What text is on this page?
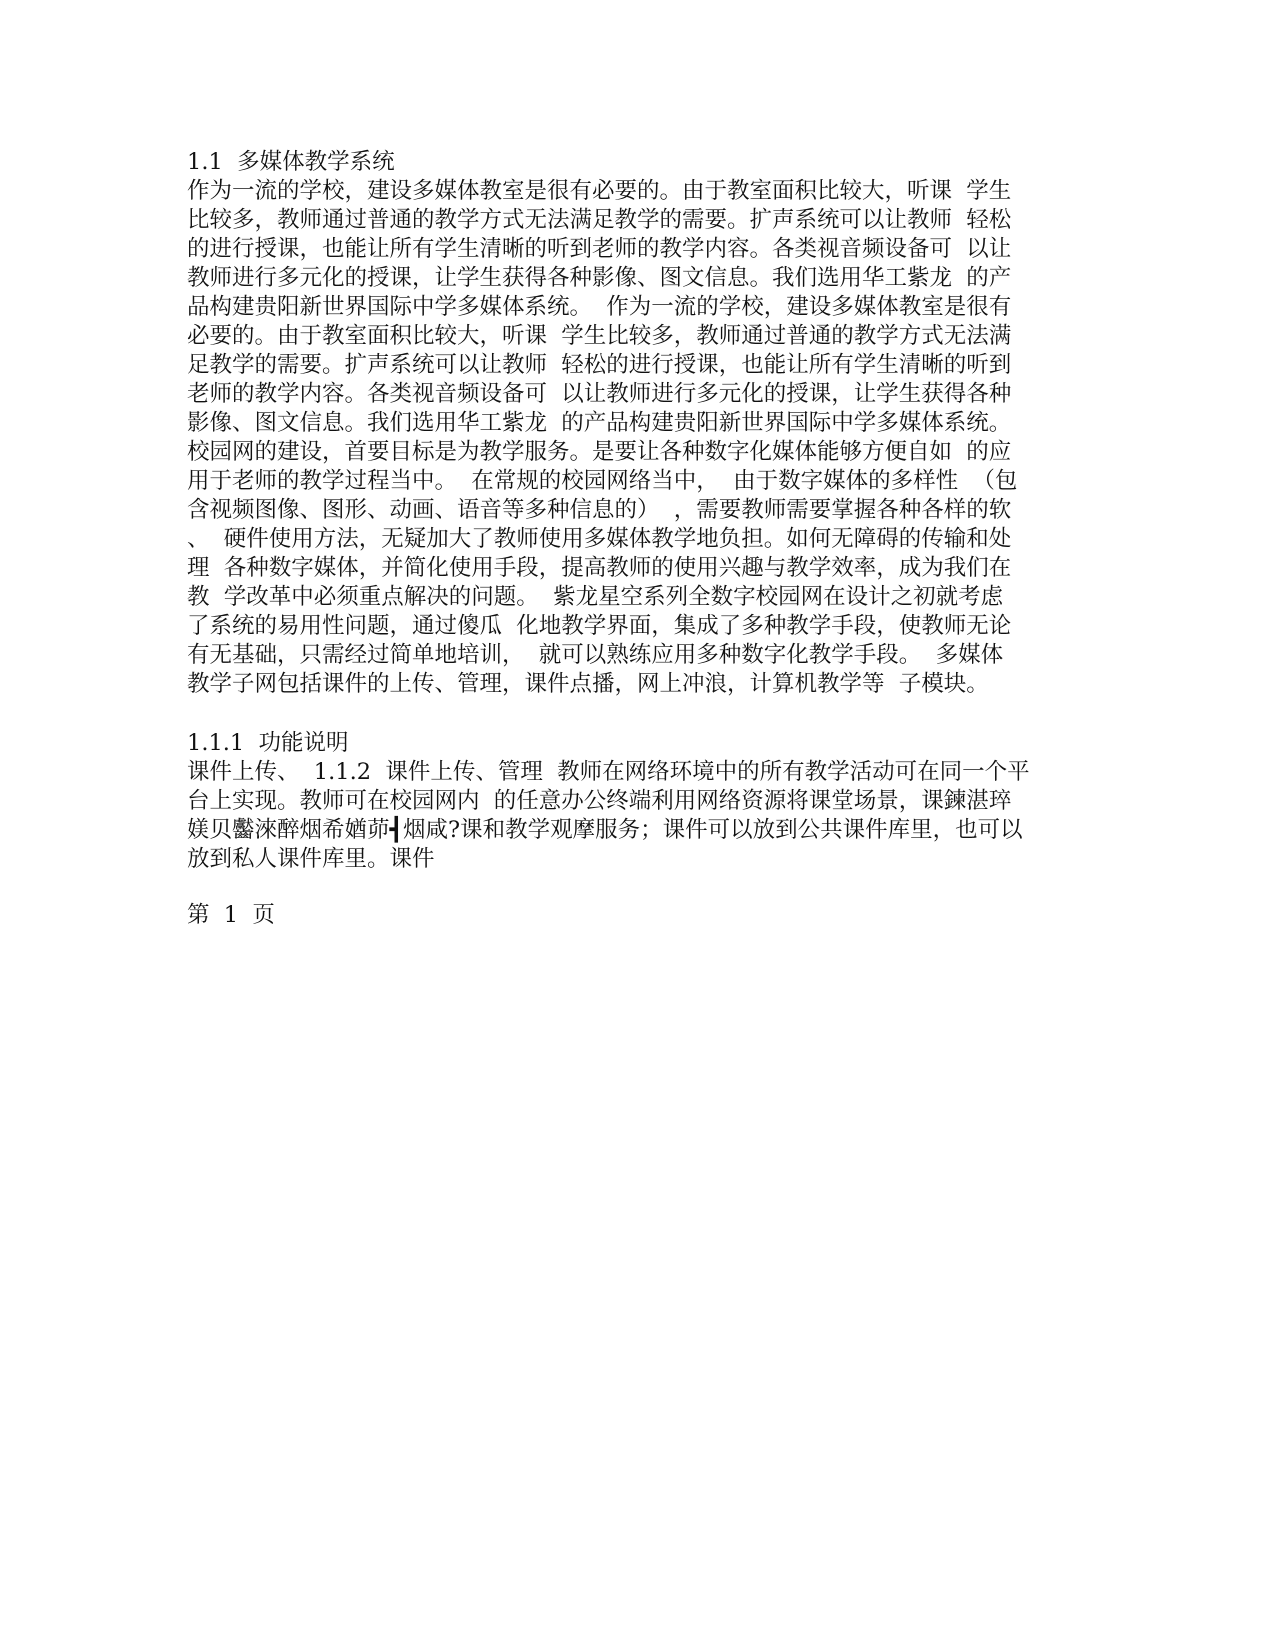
1.1  多媒体教学系统
作为一流的学校，建设多媒体教室是很有必要的。由于教室面积比较大，听课  学生
比较多，教师通过普通的教学方式无法满足教学的需要。扩声系统可以让教师  轻松
的进行授课，也能让所有学生清晰的听到老师的教学内容。各类视音频设备可  以让
教师进行多元化的授课，让学生获得各种影像、图文信息。我们选用华工紫龙  的产
品构建贵阳新世界国际中学多媒体系统。  作为一流的学校，建设多媒体教室是很有
必要的。由于教室面积比较大，听课  学生比较多，教师通过普通的教学方式无法满
足教学的需要。扩声系统可以让教师  轻松的进行授课，也能让所有学生清晰的听到
老师的教学内容。各类视音频设备可  以让教师进行多元化的授课，让学生获得各种
影像、图文信息。我们选用华工紫龙  的产品构建贵阳新世界国际中学多媒体系统。
校园网的建设，首要目标是为教学服务。是要让各种数字化媒体能够方便自如  的应
用于老师的教学过程当中。  在常规的校园网络当中，  由于数字媒体的多样性  （包
含视频图像、图形、动画、语音等多种信息的）  ，需要教师需要掌握各种各样的软
、  硬件使用方法，无疑加大了教师使用多媒体教学地负担。如何无障碍的传输和处
理  各种数字媒体，并简化使用手段，提高教师的使用兴趣与教学效率，成为我们在
教  学改革中必须重点解决的问题。  紫龙星空系列全数字校园网在设计之初就考虑
了系统的易用性问题，通过傻瓜  化地教学界面，集成了多种教学手段，使教师无论
有无基础，只需经过简单地培训，  就可以熟练应用多种数字化教学手段。  多媒体
教学子网包括课件的上传、管理，课件点播，网上冲浪，计算机教学等  子模块。
1.1.1  功能说明
课件上传、  1.1.2  课件上传、管理  教师在网络环境中的所有教学活动可在同一个平
台上实现。教师可在校园网内  的任意办公终端利用网络资源将课堂场景，课鍊湛琗
媄贝齾淶醉烟希媨茆┫烟咸?课和教学观摩服务；课件可以放到公共课件库里，也可以
放到私人课件库里。课件
第  1  页
